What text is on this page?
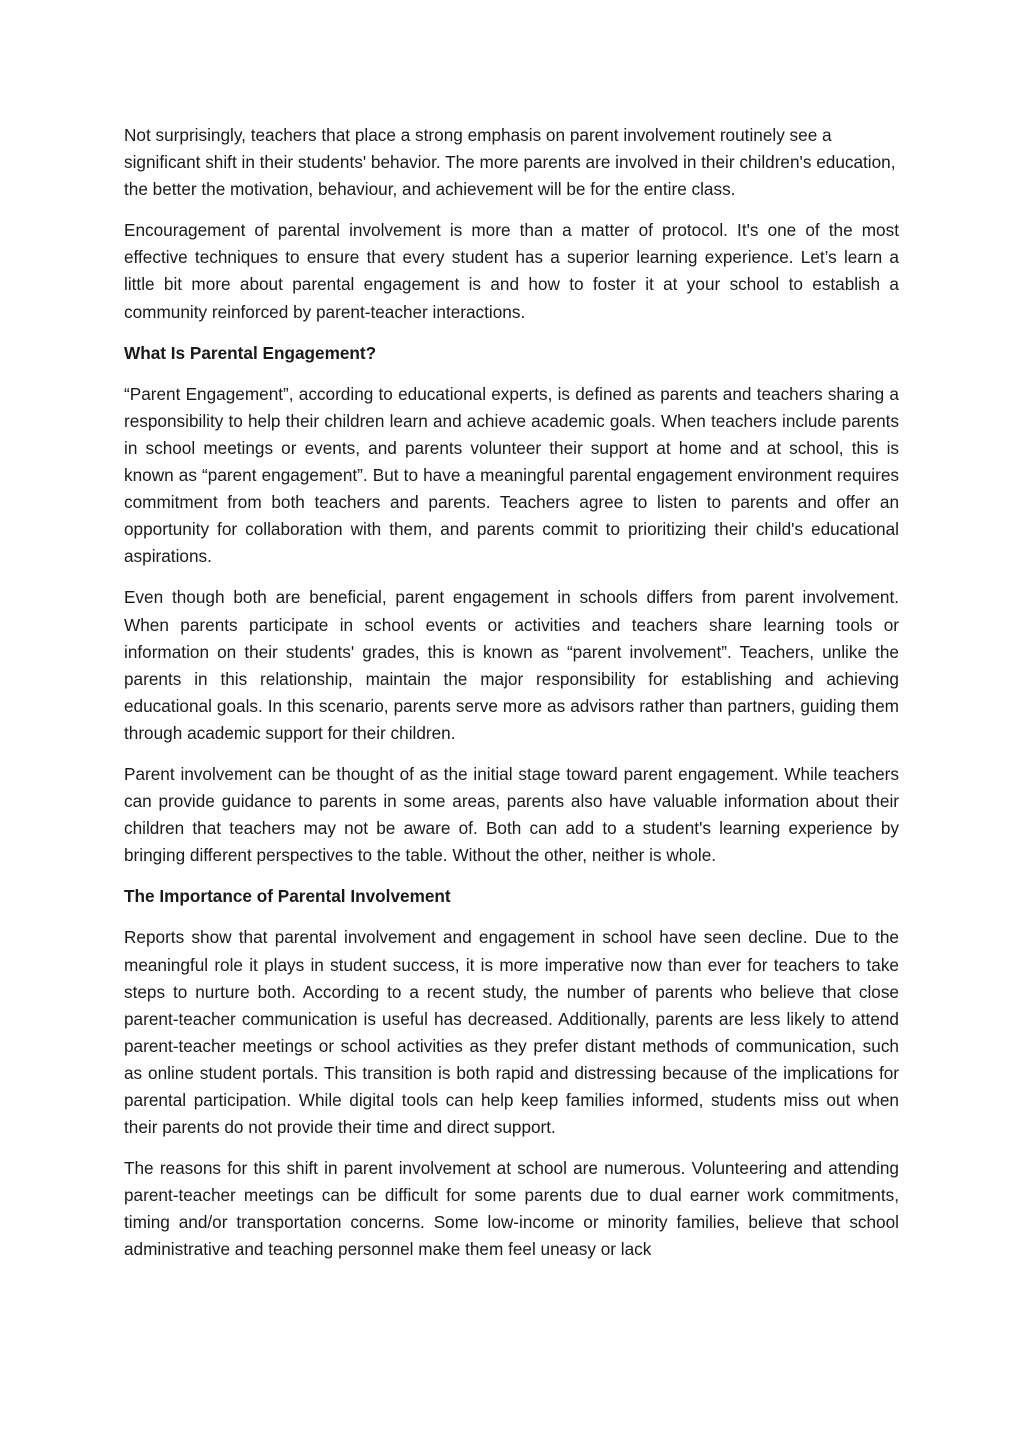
Not surprisingly, teachers that place a strong emphasis on parent involvement routinely see a significant shift in their students' behavior. The more parents are involved in their children's education, the better the motivation, behaviour, and achievement will be for the entire class.

Encouragement of parental involvement is more than a matter of protocol. It's one of the most effective techniques to ensure that every student has a superior learning experience. Let’s learn a little bit more about parental engagement is and how to foster it at your school to establish a community reinforced by parent-teacher interactions.

What Is Parental Engagement?

“Parent Engagement”, according to educational experts, is defined as parents and teachers sharing a responsibility to help their children learn and achieve academic goals. When teachers include parents in school meetings or events, and parents volunteer their support at home and at school, this is known as “parent engagement”. But to have a meaningful parental engagement environment requires commitment from both teachers and parents. Teachers agree to listen to parents and offer an opportunity for collaboration with them, and parents commit to prioritizing their child's educational aspirations.

Even though both are beneficial, parent engagement in schools differs from parent involvement. When parents participate in school events or activities and teachers share learning tools or information on their students' grades, this is known as “parent involvement”. Teachers, unlike the parents in this relationship, maintain the major responsibility for establishing and achieving educational goals. In this scenario, parents serve more as advisors rather than partners, guiding them through academic support for their children.

Parent involvement can be thought of as the initial stage toward parent engagement. While teachers can provide guidance to parents in some areas, parents also have valuable information about their children that teachers may not be aware of. Both can add to a student's learning experience by bringing different perspectives to the table. Without the other, neither is whole.

The Importance of Parental Involvement

Reports show that parental involvement and engagement in school have seen decline. Due to the meaningful role it plays in student success, it is more imperative now than ever for teachers to take steps to nurture both. According to a recent study, the number of parents who believe that close parent-teacher communication is useful has decreased. Additionally, parents are less likely to attend parent-teacher meetings or school activities as they prefer distant methods of communication, such as online student portals. This transition is both rapid and distressing because of the implications for parental participation. While digital tools can help keep families informed, students miss out when their parents do not provide their time and direct support.

The reasons for this shift in parent involvement at school are numerous. Volunteering and attending parent-teacher meetings can be difficult for some parents due to dual earner work commitments, timing and/or transportation concerns. Some low-income or minority families, believe that school administrative and teaching personnel make them feel uneasy or lack
